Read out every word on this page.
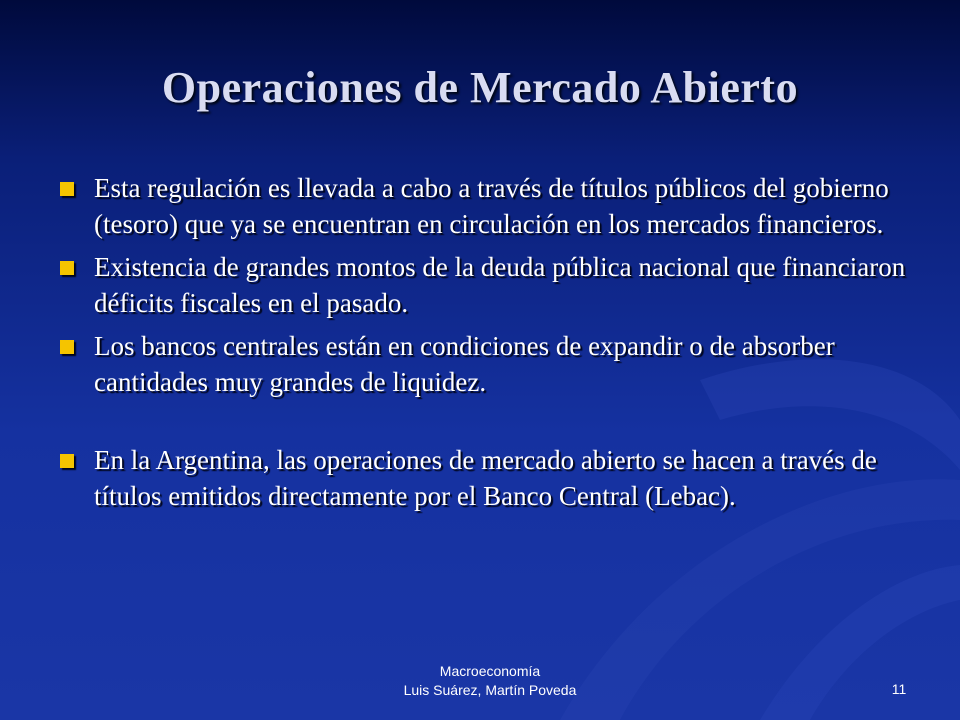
Operaciones de Mercado Abierto
Esta regulación es llevada a cabo a través de títulos públicos del gobierno (tesoro) que ya se encuentran en circulación en los mercados financieros.
Existencia de grandes montos de la deuda pública nacional que financiaron déficits fiscales en el pasado.
Los bancos centrales están en condiciones de expandir o de absorber cantidades muy grandes de liquidez.
En la Argentina, las operaciones de mercado abierto se hacen a través de títulos emitidos directamente por el Banco Central (Lebac).
Macroeconomía
Luis Suárez, Martín Poveda	11
